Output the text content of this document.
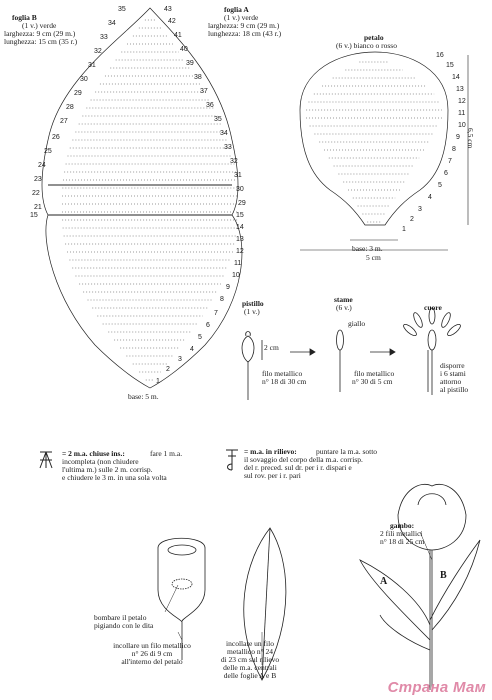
foglia B
(1 v.) verde
larghezza: 9 cm (29 m.)
lunghezza: 15 cm (35 r.)
foglia A
(1 v.) verde
larghezza: 9 cm (29 m.)
lunghezza: 18 cm (43 r.)
base: 5 m.
petalo
(6 v.) bianco o rosso
base: 3 m.
5 cm
6,5 cm
pistillo
(1 v.)
2 cm
filo metallico
n° 18 di 30 cm
stame
(6 v.)
giallo
filo metallico
n° 30 di 5 cm
cuore
disporre
i 6 stami
attorno
al pistillo
= 2 m.a. chiuse ins.:	fare 1 m.a.
incompleta (non chiudere
l'ultima m.) sulle 2 m. corrisp.
e chiudere le 3 m. in una sola volta
= m.a. in rilievo:	puntare la m.a. sotto
il sovaggio del corpo della m.a. corrisp.
del r. preced. sul dr. per i r. dispari e
sul rov. per i r. pari
bombare il petalo
pigiando con le dita
incollare un filo metallico
n° 26 di 9 cm
all'interno del petalo
incollare un filo
metallico n° 24
di 23 cm sul rilievo
delle m.a. centrali
delle foglie A e B
gambo:
2 fili metallici
n° 18 di 25 cm
A
B
Страна Мам
35
34
33
32
31
30
29
28
27
26
25
24
23
22
21
15
43
42
41
40
39
38
37
36
35
34
33
32
31
30
29
15
14
13
12
11
10
9
8
7
6
5
4
3
2
1
16
15
14
13
12
11
10
9
8
7
6
5
4
3
2
1
